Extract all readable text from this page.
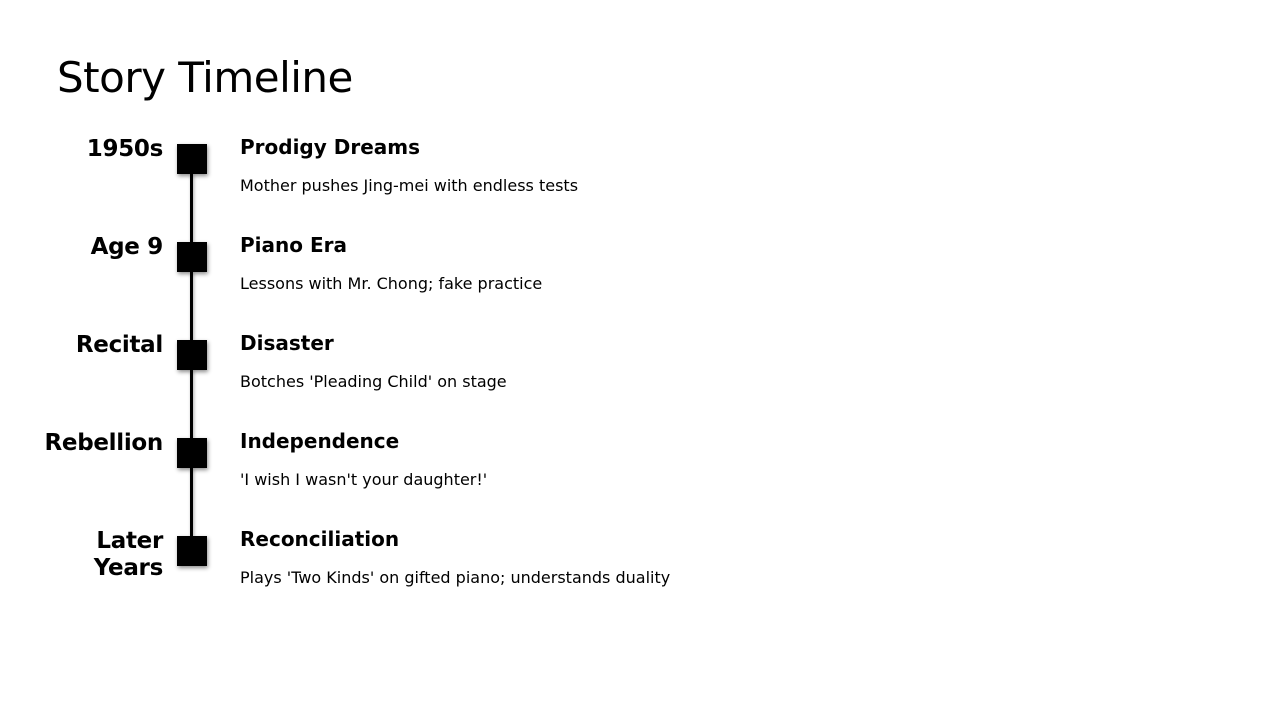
Story Timeline
1950s	Prodigy Dreams
Mother pushes Jing-mei with endless tests
Age 9	Piano Era
Lessons with Mr. Chong; fake practice
Recital	Disaster
Botches 'Pleading Child' on stage
Rebellion	Independence
'I wish I wasn't your daughter!'
Later Years
Reconciliation
Plays 'Two Kinds' on gifted piano; understands duality
